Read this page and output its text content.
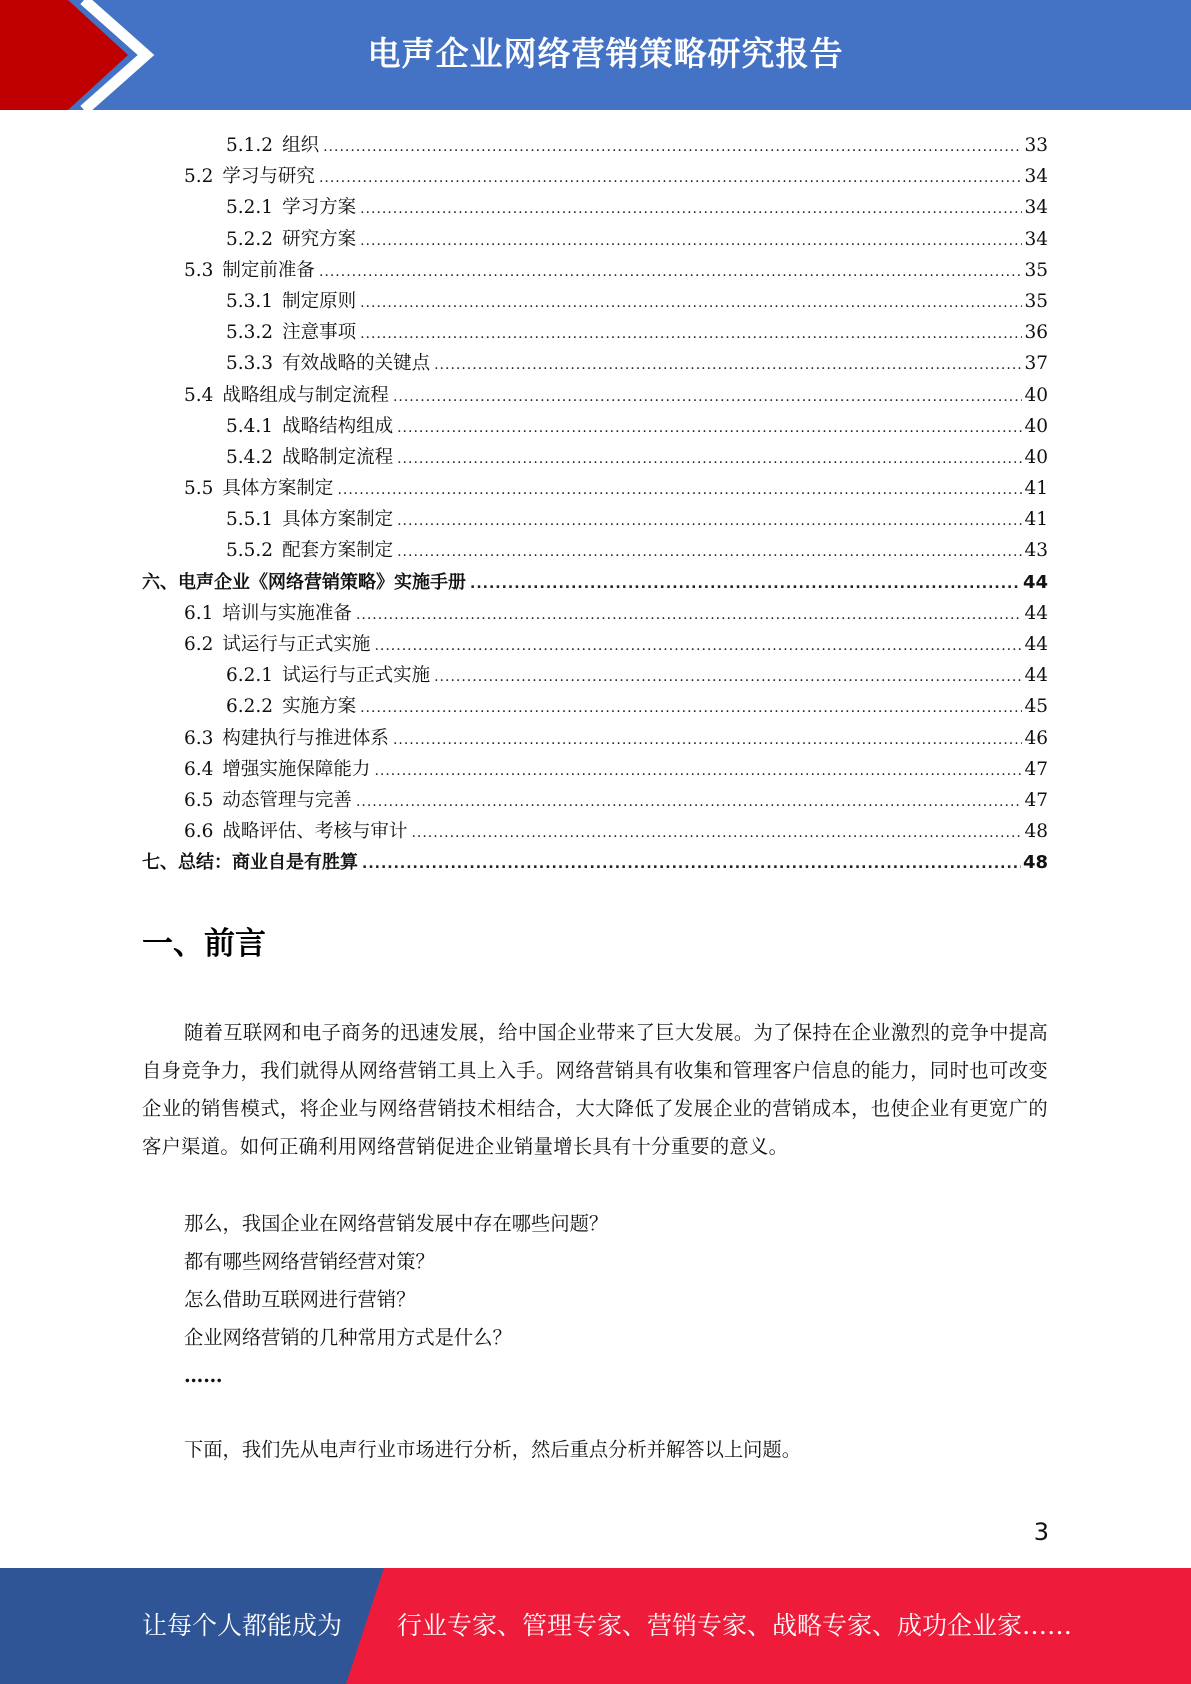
电声企业网络营销策略研究报告
5.1.2 组织 .....	33
5.2 学习与研究 .....	34
5.2.1 学习方案 .....	34
5.2.2 研究方案 .....	34
5.3 制定前准备 .....	35
5.3.1 制定原则 .....	35
5.3.2 注意事项 .....	36
5.3.3 有效战略的关键点 .....	37
5.4 战略组成与制定流程 .....	40
5.4.1 战略结构组成 .....	40
5.4.2 战略制定流程 .....	40
5.5 具体方案制定 .....	41
5.5.1 具体方案制定 .....	41
5.5.2 配套方案制定 .....	43
六、电声企业《网络营销策略》实施手册 .....	44
6.1 培训与实施准备 .....	44
6.2 试运行与正式实施 .....	44
6.2.1 试运行与正式实施 .....	44
6.2.2 实施方案 .....	45
6.3 构建执行与推进体系 .....	46
6.4 增强实施保障能力 .....	47
6.5 动态管理与完善 .....	47
6.6 战略评估、考核与审计 .....	48
七、总结：商业自是有胜算 .....	48
一、前言
随着互联网和电子商务的迅速发展，给中国企业带来了巨大发展。为了保持在企业激烈的竞争中提高自身竞争力，我们就得从网络营销工具上入手。网络营销具有收集和管理客户信息的能力，同时也可改变企业的销售模式，将企业与网络营销技术相结合，大大降低了发展企业的营销成本，也使企业有更宽广的客户渠道。如何正确利用网络营销促进企业销量增长具有十分重要的意义。
那么，我国企业在网络营销发展中存在哪些问题？
都有哪些网络营销经营对策？
怎么借助互联网进行营销？
企业网络营销的几种常用方式是什么？
……
下面，我们先从电声行业市场进行分析，然后重点分析并解答以上问题。
3
让每个人都能成为 行业专家、管理专家、营销专家、战略专家、成功企业家……
